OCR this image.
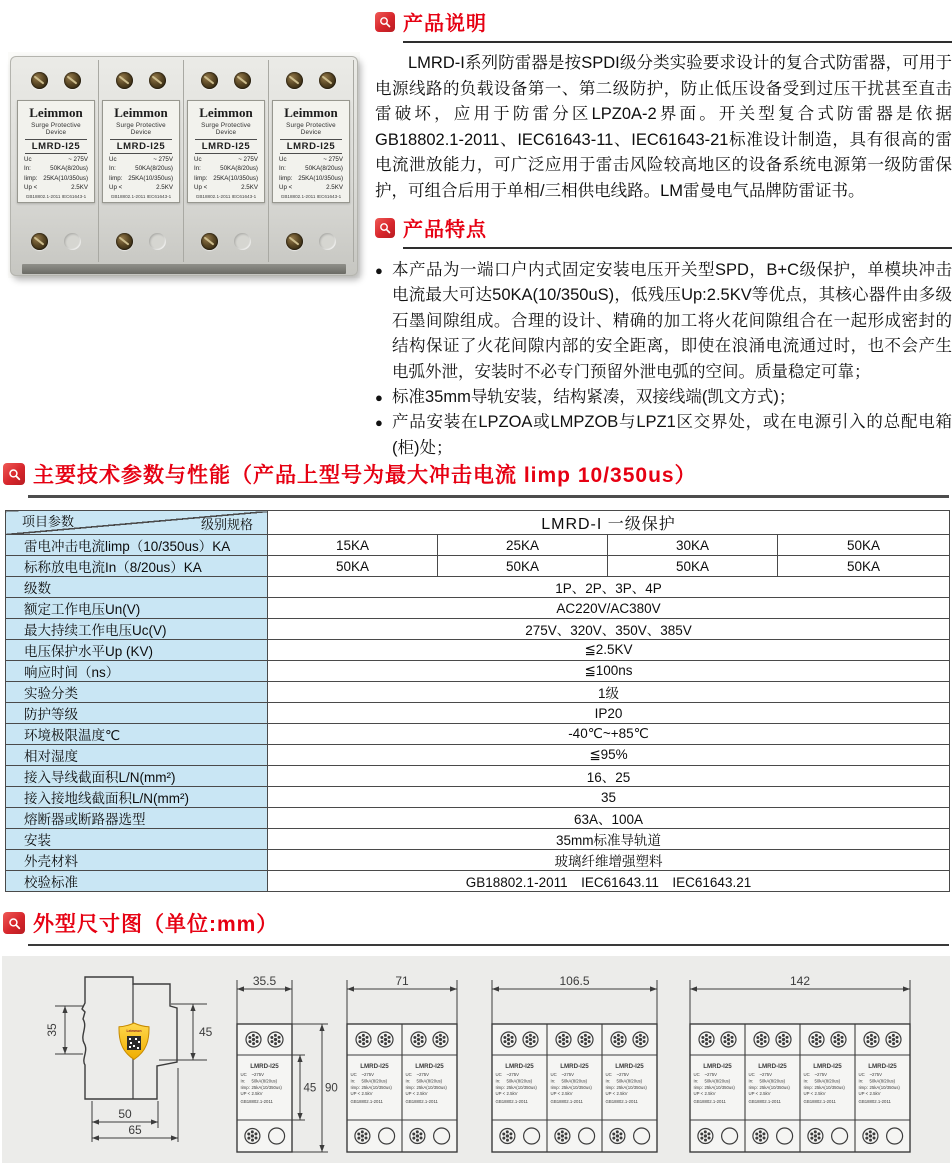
Leimmon
Surge Protective Device
LMRD-I25
Uc	~ 275V
In:	50KA(8/20us)
Iimp: 25KA(10/350us)
Up <	2.5KV
GB18802.1-2011 IEC61643-1
Leimmon
Surge Protective Device
LMRD-I25
Uc	~ 275V
In:	50KA(8/20us)
Iimp: 25KA(10/350us)
Up <	2.5KV
GB18802.1-2011 IEC61643-1
Leimmon
Surge Protective Device
LMRD-I25
Uc	~ 275V
In:	50KA(8/20us)
Iimp: 25KA(10/350us)
Up <	2.5KV
GB18802.1-2011 IEC61643-1
Leimmon
Surge Protective Device
LMRD-I25
Uc	~ 275V
In:	50KA(8/20us)
Iimp: 25KA(10/350us)
Up <	2.5KV
GB18802.1-2011 IEC61643-1
产品说明

LMRD-I系列防雷器是按SPDI级分类实验要求设计的复合式防雷器，可用于电源线路的负载设备第一、第二级防护，防止低压设备受到过压干扰甚至直击雷破坏，应用于防雷分区LPZ0A-2界面。开关型复合式防雷器是依据GB18802.1-2011、IEC61643-11、IEC61643-21标准设计制造，具有很高的雷电流泄放能力，可广泛应用于雷击风险较高地区的设备系统电源第一级防雷保护，可组合后用于单相/三相供电线路。LM雷曼电气品牌防雷证书。

产品特点
● 本产品为一端口户内式固定安装电压开关型SPD，B+C级保护，单模块冲击电流最大可达50KA(10/350uS)，低残压Up:2.5KV等优点，其核心器件由多级石墨间隙组成。合理的设计、精确的加工将火花间隙组合在一起形成密封的结构保证了火花间隙内部的安全距离，即使在浪涌电流通过时，也不会产生电弧外泄，安装时不必专门预留外泄电弧的空间。质量稳定可靠；
● 标准35mm导轨安装，结构紧凑，双接线端(凯文方式)；
● 产品安装在LPZOA或LMPZOB与LPZ1区交界处，或在电源引入的总配电箱(柜)处；
主要技术参数与性能（产品上型号为最大冲击电流 limp 10/350us）
级别规格
项目参数	LMRD-I 一级保护			
雷电冲击电流limp（10/350us）KA	15KA	25KA	30KA	50KA
标称放电电流In（8/20us）KA	50KA	50KA	50KA	50KA
级数	1P、2P、3P、4P			
额定工作电压Un(V)	AC220V/AC380V			
最大持续工作电压Uc(V)	275V、320V、350V、385V			
电压保护水平Up (KV)	≦2.5KV			
响应时间（ns）	≦100ns			
实验分类	1级			
防护等级	IP20			
环境极限温度℃	-40℃~+85℃			
相对湿度	≦95%			
接入导线截面积L/N(mm²)	16、25			
接入接地线截面积L/N(mm²)	35			
熔断器或断路器选型	63A、100A			
安装	35mm标准导轨道			
外壳材料	玻璃纤维增强塑料			
校验标准	GB18802.1-2011　IEC61643.11　IEC61643.21			
外型尺寸图（单位:mm）
35	45
50
65
Leimmon
35.5
LMRD-I25
UC ~275V
In: 50kA(8/20us)
Iimp: 25kA(10/350us)
UP < 2.5kV
GB18802.1-2011
45 90
71
LMRD-I25
UC ~275V
In: 50kA(8/20us)
Iimp: 25kA(10/350us)
UP < 2.5kV
GB18802.1-2011
LMRD-I25
UC ~275V
In: 50kA(8/20us)
Iimp: 25kA(10/350us)
UP < 2.5kV
GB18802.1-2011
106.5
LMRD-I25
UC ~275V
In: 50kA(8/20us)
Iimp: 25kA(10/350us)
UP < 2.5kV
GB18802.1-2011
LMRD-I25
UC ~275V
In: 50kA(8/20us)
Iimp: 25kA(10/350us)
UP < 2.5kV
GB18802.1-2011
LMRD-I25
UC ~275V
In: 50kA(8/20us)
Iimp: 25kA(10/350us)
UP < 2.5kV
GB18802.1-2011
142
LMRD-I25
UC ~275V
In: 50kA(8/20us)
Iimp: 25kA(10/350us)
UP < 2.5kV
GB18802.1-2011
LMRD-I25
UC ~275V
In: 50kA(8/20us)
Iimp: 25kA(10/350us)
UP < 2.5kV
GB18802.1-2011
LMRD-I25
UC ~275V
In: 50kA(8/20us)
Iimp: 25kA(10/350us)
UP < 2.5kV
GB18802.1-2011
LMRD-I25
UC ~275V
In: 50kA(8/20us)
Iimp: 25kA(10/350us)
UP < 2.5kV
GB18802.1-2011
